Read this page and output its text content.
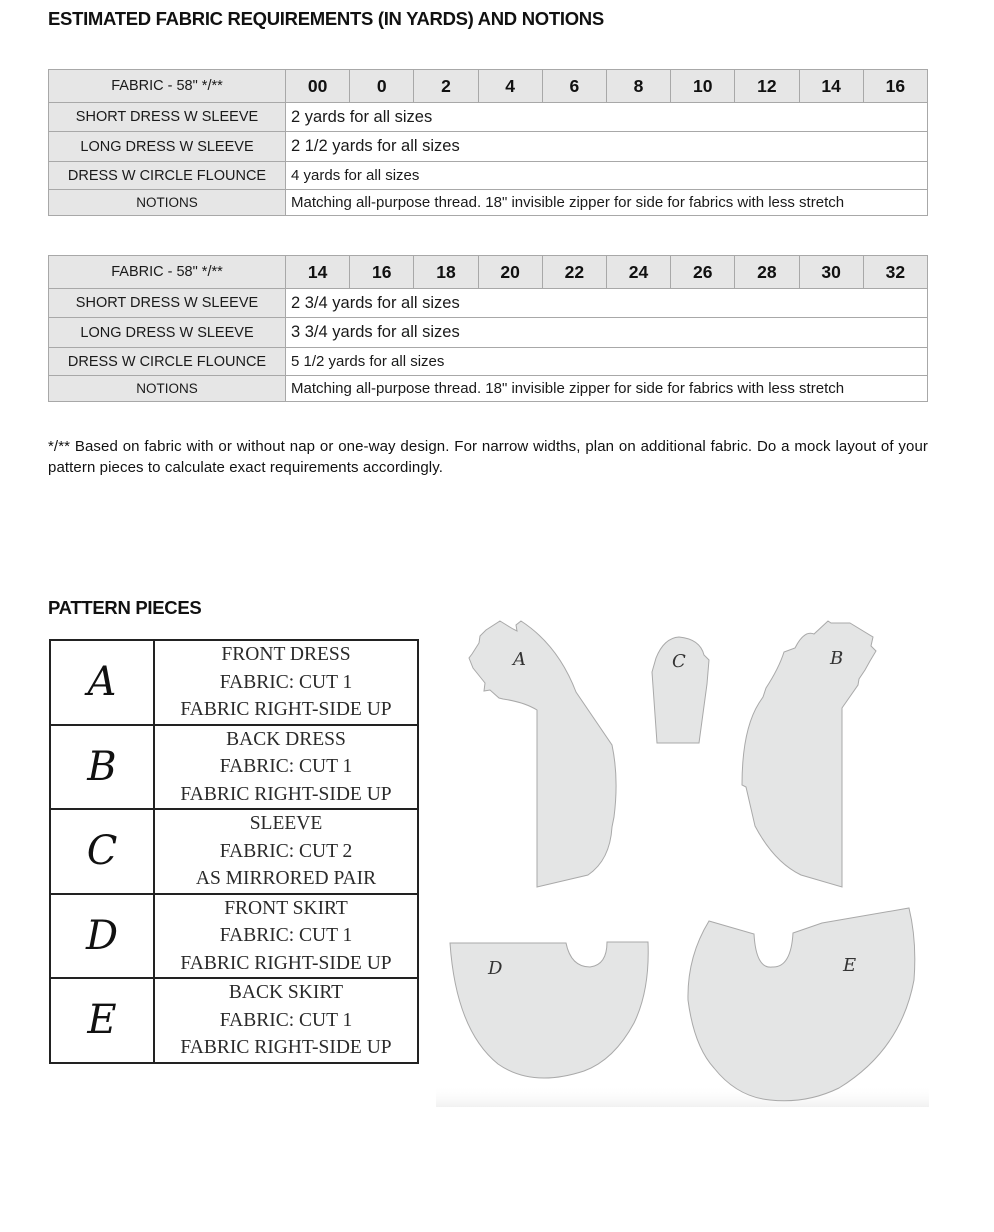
ESTIMATED FABRIC REQUIREMENTS (IN YARDS) AND NOTIONS
FABRIC - 58" */**	00	0	2	4	6	8	10	12	14	16
SHORT DRESS W SLEEVE	2 yards for all sizes									
LONG DRESS W SLEEVE	2 1/2 yards for all sizes									
DRESS W CIRCLE FLOUNCE	4 yards for all sizes									
NOTIONS	Matching all-purpose thread. 18" invisible zipper for side for fabrics with less stretch									
FABRIC - 58" */**	14	16	18	20	22	24	26	28	30	32
SHORT DRESS W SLEEVE	2 3/4 yards for all sizes									
LONG DRESS W SLEEVE	3 3/4 yards for all sizes									
DRESS W CIRCLE FLOUNCE	5 1/2 yards for all sizes									
NOTIONS	Matching all-purpose thread. 18" invisible zipper for side for fabrics with less stretch									

*/** Based on fabric with or without nap or one-way design. For narrow widths, plan on additional fabric. Do a mock layout of your pattern pieces to calculate exact requirements accordingly.

PATTERN PIECES
A	FRONT DRESS
FABRIC: CUT 1
FABRIC RIGHT-SIDE UP

B	BACK DRESS
FABRIC: CUT 1
FABRIC RIGHT-SIDE UP

C	SLEEVE
FABRIC: CUT 2
AS MIRRORED PAIR

D	FRONT SKIRT
FABRIC: CUT 1
FABRIC RIGHT-SIDE UP

E	BACK SKIRT
FABRIC: CUT 1
FABRIC RIGHT-SIDE UP
A	C	B
D	E
